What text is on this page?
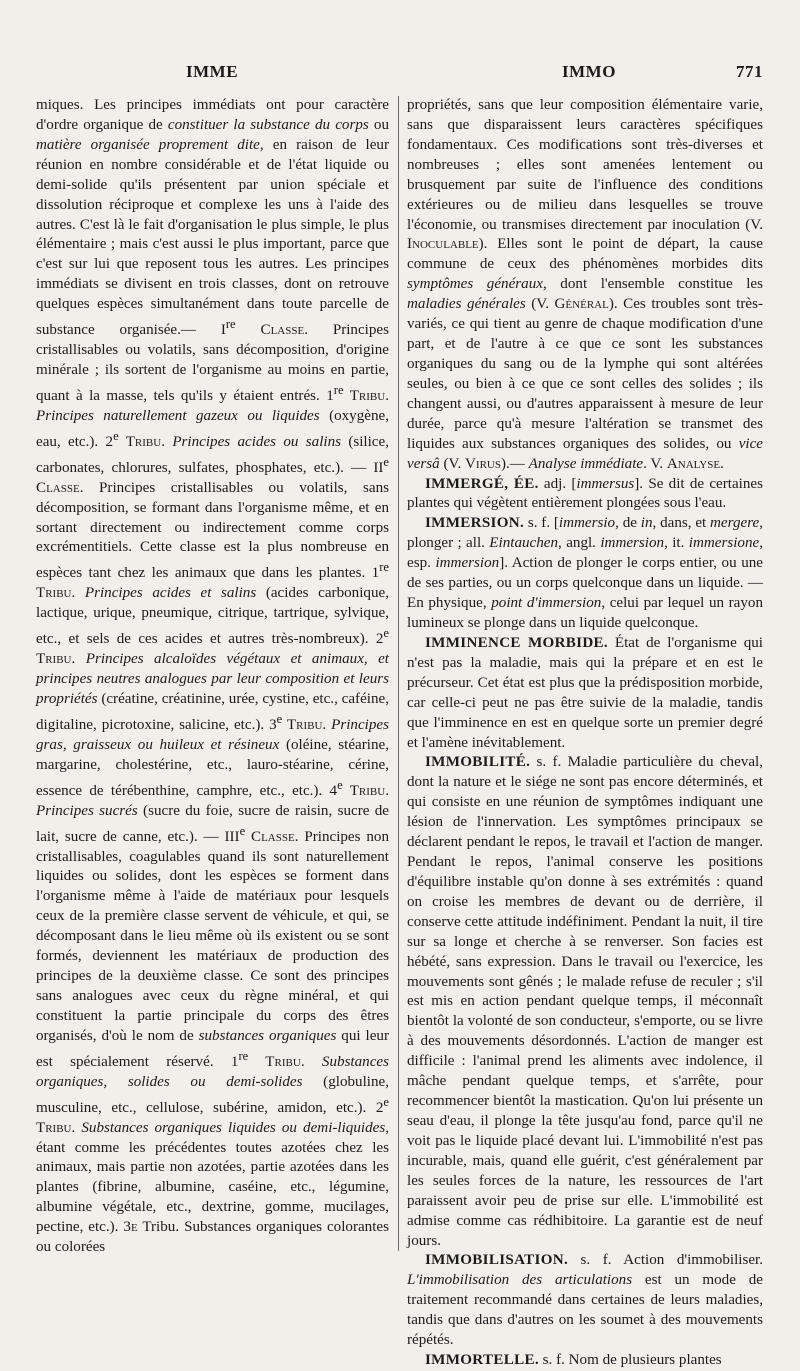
IMME	IMMO	771

miques. Les principes immédiats ont pour caractère d'ordre organique de constituer la substance du corps ou matière organisée proprement dite, en raison de leur réunion en nombre considérable et de l'état liquide ou demi-solide qu'ils présentent par union spéciale et dissolution réciproque et complexe les uns à l'aide des autres. C'est là le fait d'organisation le plus simple, le plus élémentaire ; mais c'est aussi le plus important, parce que c'est sur lui que reposent tous les autres. Les principes immédiats se divisent en trois classes, dont on retrouve quelques espèces simultanément dans toute parcelle de substance organisée.— Ire Classe. Principes cristallisables ou volatils, sans décomposition, d'origine minérale ; ils sortent de l'organisme au moins en partie, quant à la masse, tels qu'ils y étaient entrés. 1re Tribu. Principes naturellement gazeux ou liquides (oxygène, eau, etc.). 2e Tribu. Principes acides ou salins (silice, carbonates, chlorures, sulfates, phosphates, etc.). — IIe Classe. Principes cristallisables ou volatils, sans décomposition, se formant dans l'organisme même, et en sortant directement ou indirectement comme corps excrémentitiels. Cette classe est la plus nombreuse en espèces tant chez les animaux que dans les plantes. 1re Tribu. Principes acides et salins (acides carbonique, lactique, urique, pneumique, citrique, tartrique, sylvique, etc., et sels de ces acides et autres très-nombreux). 2e Tribu. Principes alcaloïdes végétaux et animaux, et principes neutres analogues par leur composition et leurs propriétés (créatine, créatinine, urée, cystine, etc., caféine, digitaline, picrotoxine, salicine, etc.). 3e Tribu. Principes gras, graisseux ou huileux et résineux (oléine, stéarine, margarine, cholestérine, etc., lauro-stéarine, cérine, essence de térébenthine, camphre, etc., etc.). 4e Tribu. Principes sucrés (sucre du foie, sucre de raisin, sucre de lait, sucre de canne, etc.). — IIIe Classe. Principes non cristallisables, coagulables quand ils sont naturellement liquides ou solides, dont les espèces se forment dans l'organisme même à l'aide de matériaux pour lesquels ceux de la première classe servent de véhicule, et qui, se décomposant dans le lieu même où ils existent ou se sont formés, deviennent les matériaux de production des principes de la deuxième classe. Ce sont des principes sans analogues avec ceux du règne minéral, et qui constituent la partie principale du corps des êtres organisés, d'où le nom de substances organiques qui leur est spécialement réservé. 1re Tribu. Substances organiques, solides ou demi-solides (globuline, musculine, etc., cellulose, subérine, amidon, etc.). 2e Tribu. Substances organiques liquides ou demi-liquides, étant comme les précédentes toutes azotées chez les animaux, mais partie non azotées, partie azotées dans les plantes (fibrine, albumine, caséine, etc., légumine, albumine végétale, etc., dextrine, gomme, mucilages, pectine, etc.). 3e Tribu. Substances organiques colorantes ou colorées

propriétés, sans que leur composition élémentaire varie, sans que disparaissent leurs caractères spécifiques fondamentaux. Ces modifications sont très-diverses et nombreuses ; elles sont amenées lentement ou brusquement par suite de l'influence des conditions extérieures ou de milieu dans lesquelles se trouve l'économie, ou transmises directement par inoculation (V. Inoculable). Elles sont le point de départ, la cause commune de ceux des phénomènes morbides dits symptômes généraux, dont l'ensemble constitue les maladies générales (V. Général). Ces troubles sont très-variés, ce qui tient au genre de chaque modification d'une part, et de l'autre à ce que ce sont les substances organiques du sang ou de la lymphe qui sont altérées seules, ou bien à ce que ce sont celles des solides ; ils changent aussi, ou d'autres apparaissent à mesure de leur durée, parce qu'à mesure l'altération se transmet des liquides aux substances organiques des solides, ou vice versâ (V. Virus).— Analyse immédiate. V. Analyse.

IMMERGÉ, ÉE. adj. [immersus]. Se dit de certaines plantes qui végètent entièrement plongées sous l'eau.

IMMERSION. s. f. [immersio, de in, dans, et mergere, plonger ; all. Eintauchen, angl. immersion, it. immersione, esp. immersion]. Action de plonger le corps entier, ou une de ses parties, ou un corps quelconque dans un liquide. — En physique, point d'immersion, celui par lequel un rayon lumineux se plonge dans un liquide quelconque.

IMMINENCE MORBIDE. État de l'organisme qui n'est pas la maladie, mais qui la prépare et en est le précurseur. Cet état est plus que la prédisposition morbide, car celle-ci peut ne pas être suivie de la maladie, tandis que l'imminence en est en quelque sorte un premier degré et l'amène inévitablement.

IMMOBILITÉ. s. f. Maladie particulière du cheval, dont la nature et le siége ne sont pas encore déterminés, et qui consiste en une réunion de symptômes indiquant une lésion de l'innervation. Les symptômes principaux se déclarent pendant le repos, le travail et l'action de manger. Pendant le repos, l'animal conserve les positions d'équilibre instable qu'on donne à ses extrémités : quand on croise les membres de devant ou de derrière, il conserve cette attitude indéfiniment. Pendant la nuit, il tire sur sa longe et cherche à se renverser. Son facies est hébété, sans expression. Dans le travail ou l'exercice, les mouvements sont gênés ; le malade refuse de reculer ; s'il est mis en action pendant quelque temps, il méconnaît bientôt la volonté de son conducteur, s'emporte, ou se livre à des mouvements désordonnés. L'action de manger est difficile : l'animal prend les aliments avec indolence, il mâche pendant quelque temps, et s'arrête, pour recommencer bientôt la mastication. Qu'on lui présente un seau d'eau, il plonge la tête jusqu'au fond, parce qu'il ne voit pas le liquide placé devant lui. L'immobilité n'est pas incurable, mais, quand elle guérit, c'est généralement par les seules forces de la nature, les ressources de l'art paraissent avoir peu de prise sur elle. L'immobilité est admise comme cas rédhibitoire. La garantie est de neuf jours.

IMMOBILISATION. s. f. Action d'immobiliser. L'immobilisation des articulations est un mode de traitement recommandé dans certaines de leurs maladies, tandis que dans d'autres on les soumet à des mouvements répétés.

IMMORTELLE. s. f. Nom de plusieurs plantes
